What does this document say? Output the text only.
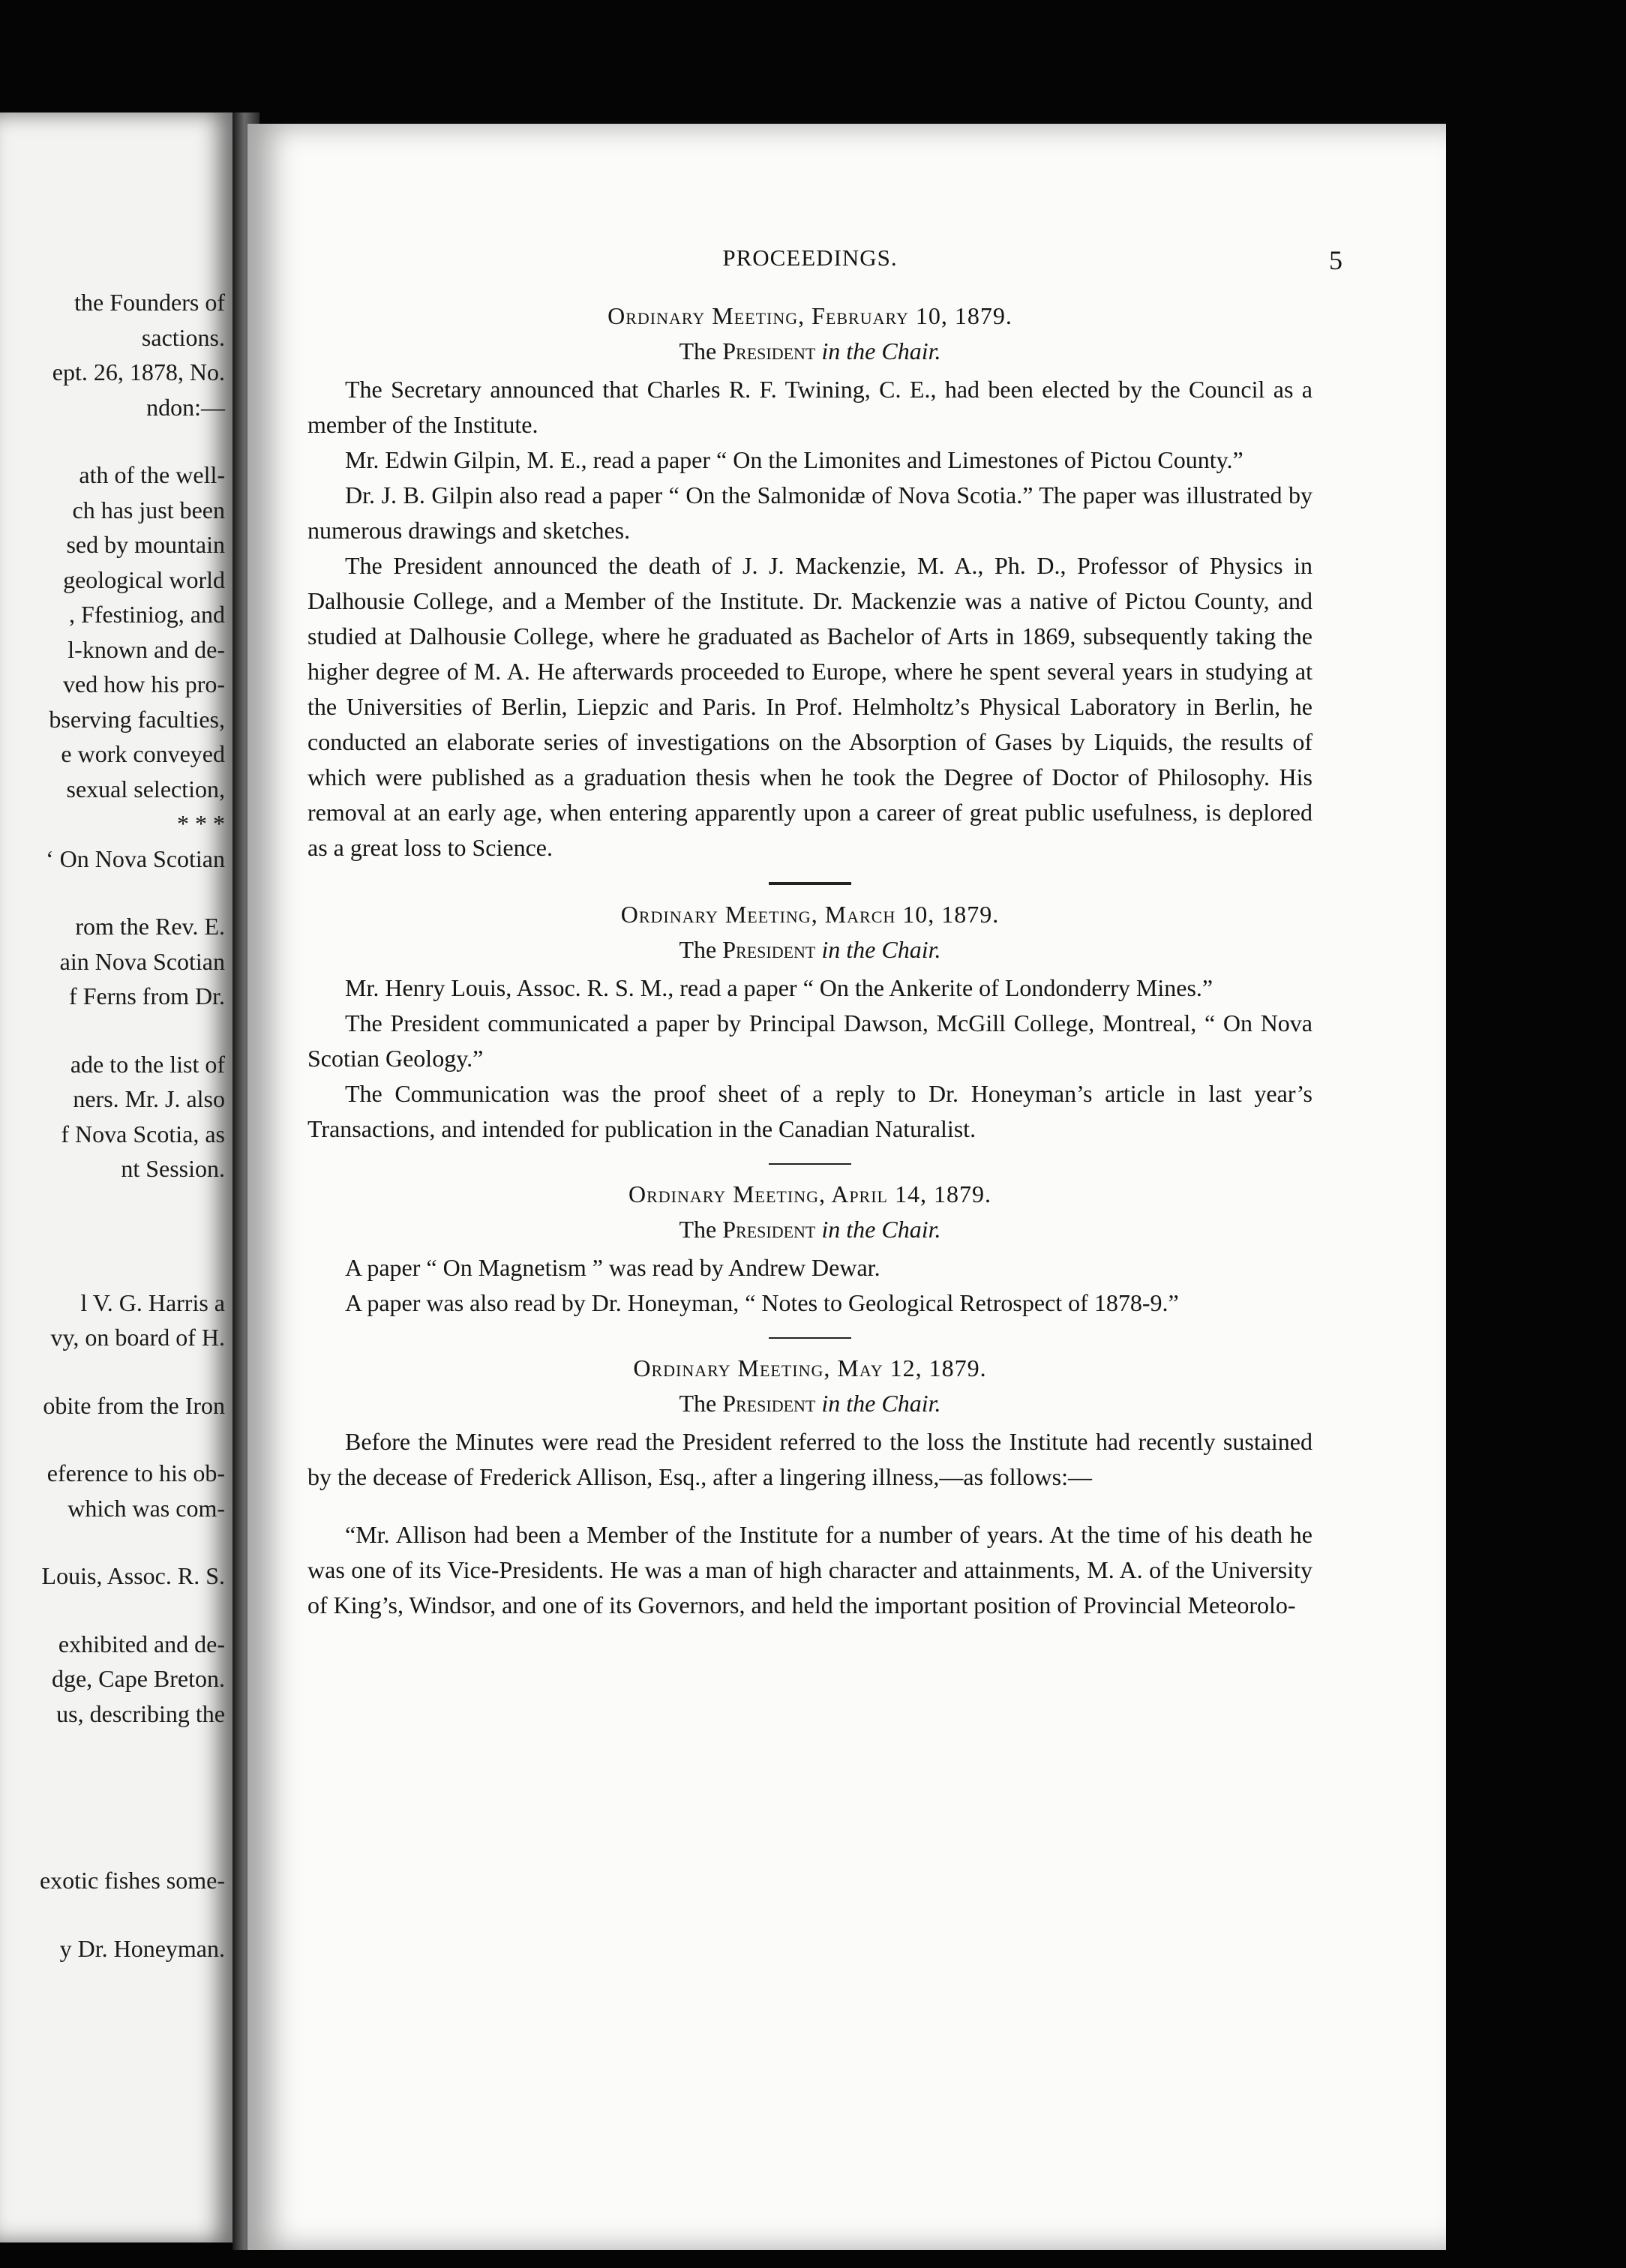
the Founders of
sactions.
ept. 26, 1878, No.
ndon:—
ath of the well-
ch has just been
sed by mountain
geological world
, Ffestiniog, and
l-known and de-
ved how his pro-
bserving faculties,
e work conveyed
sexual selection,
* * *
‘ On Nova Scotian
rom the Rev. E.
ain Nova Scotian
f Ferns from Dr.
ade to the list of
ners. Mr. J. also
f Nova Scotia, as
nt Session.
l V. G. Harris a
vy, on board of H.
obite from the Iron
eference to his ob-
which was com-
Louis, Assoc. R. S.
exhibited and de-
dge, Cape Breton.
us, describing the
exotic fishes some-
y Dr. Honeyman.
PROCEEDINGS.	5
Ordinary Meeting, February 10, 1879.
The President in the Chair.

The Secretary announced that Charles R. F. Twining, C. E., had been elected by the Council as a member of the Institute.

Mr. Edwin Gilpin, M. E., read a paper “ On the Limonites and Limestones of Pictou County.”

Dr. J. B. Gilpin also read a paper “ On the Salmonidæ of Nova Scotia.” The paper was illustrated by numerous drawings and sketches.

The President announced the death of J. J. Mackenzie, M. A., Ph. D., Professor of Physics in Dalhousie College, and a Member of the Institute. Dr. Mackenzie was a native of Pictou County, and studied at Dalhousie College, where he graduated as Bachelor of Arts in 1869, subsequently taking the higher degree of M. A. He afterwards proceeded to Europe, where he spent several years in studying at the Universities of Berlin, Liepzic and Paris. In Prof. Helmholtz’s Physical Laboratory in Berlin, he conducted an elaborate series of investigations on the Absorption of Gases by Liquids, the results of which were published as a graduation thesis when he took the Degree of Doctor of Philosophy. His removal at an early age, when entering apparently upon a career of great public usefulness, is deplored as a great loss to Science.

Ordinary Meeting, March 10, 1879.
The President in the Chair.

Mr. Henry Louis, Assoc. R. S. M., read a paper “ On the Ankerite of Londonderry Mines.”

The President communicated a paper by Principal Dawson, McGill College, Montreal, “ On Nova Scotian Geology.”

The Communication was the proof sheet of a reply to Dr. Honeyman’s article in last year’s Transactions, and intended for publication in the Canadian Naturalist.

Ordinary Meeting, April 14, 1879.
The President in the Chair.

A paper “ On Magnetism ” was read by Andrew Dewar.

A paper was also read by Dr. Honeyman, “ Notes to Geological Retrospect of 1878-9.”

Ordinary Meeting, May 12, 1879.
The President in the Chair.

Before the Minutes were read the President referred to the loss the Institute had recently sustained by the decease of Frederick Allison, Esq., after a lingering illness,—as follows:—

“Mr. Allison had been a Member of the Institute for a number of years. At the time of his death he was one of its Vice-Presidents. He was a man of high character and attainments, M. A. of the University of King’s, Windsor, and one of its Governors, and held the important position of Provincial Meteorolo-
